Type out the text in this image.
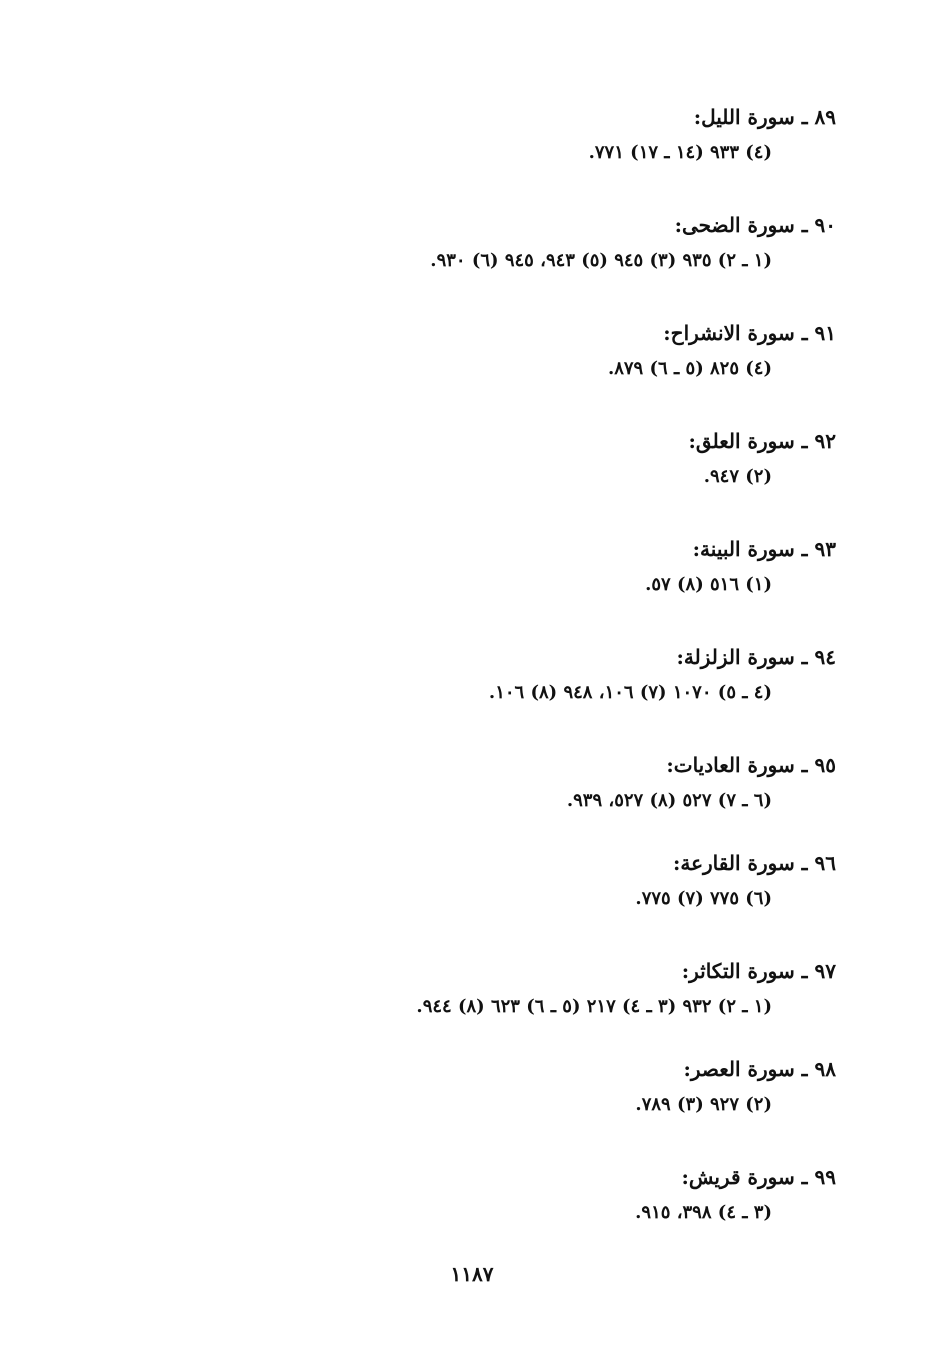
٨٩ ـ سورة الليل:
(٤) ٩٣٣ (١٤ ـ ١٧) ٧٧١.
٩٠ ـ سورة الضحى:
(١ ـ ٢) ٩٣٥ (٣) ٩٤٥ (٥) ٩٤٣، ٩٤٥ (٦) ٩٣٠.
٩١ ـ سورة الانشراح:
(٤) ٨٢٥ (٥ ـ ٦) ٨٧٩.
٩٢ ـ سورة العلق:
(٢) ٩٤٧.
٩٣ ـ سورة البينة:
(١) ٥١٦ (٨) ٥٧.
٩٤ ـ سورة الزلزلة:
(٤ ـ ٥) ١٠٧٠ (٧) ١٠٦، ٩٤٨ (٨) ١٠٦.
٩٥ ـ سورة العاديات:
(٦ ـ ٧) ٥٢٧ (٨) ٥٢٧، ٩٣٩.
٩٦ ـ سورة القارعة:
(٦) ٧٧٥ (٧) ٧٧٥.
٩٧ ـ سورة التكاثر:
(١ ـ ٢) ٩٣٢ (٣ ـ ٤) ٢١٧ (٥ ـ ٦) ٦٢٣ (٨) ٩٤٤.
٩٨ ـ سورة العصر:
(٢) ٩٢٧ (٣) ٧٨٩.
٩٩ ـ سورة قريش:
(٣ ـ ٤) ٣٩٨، ٩١٥.
١١٨٧
